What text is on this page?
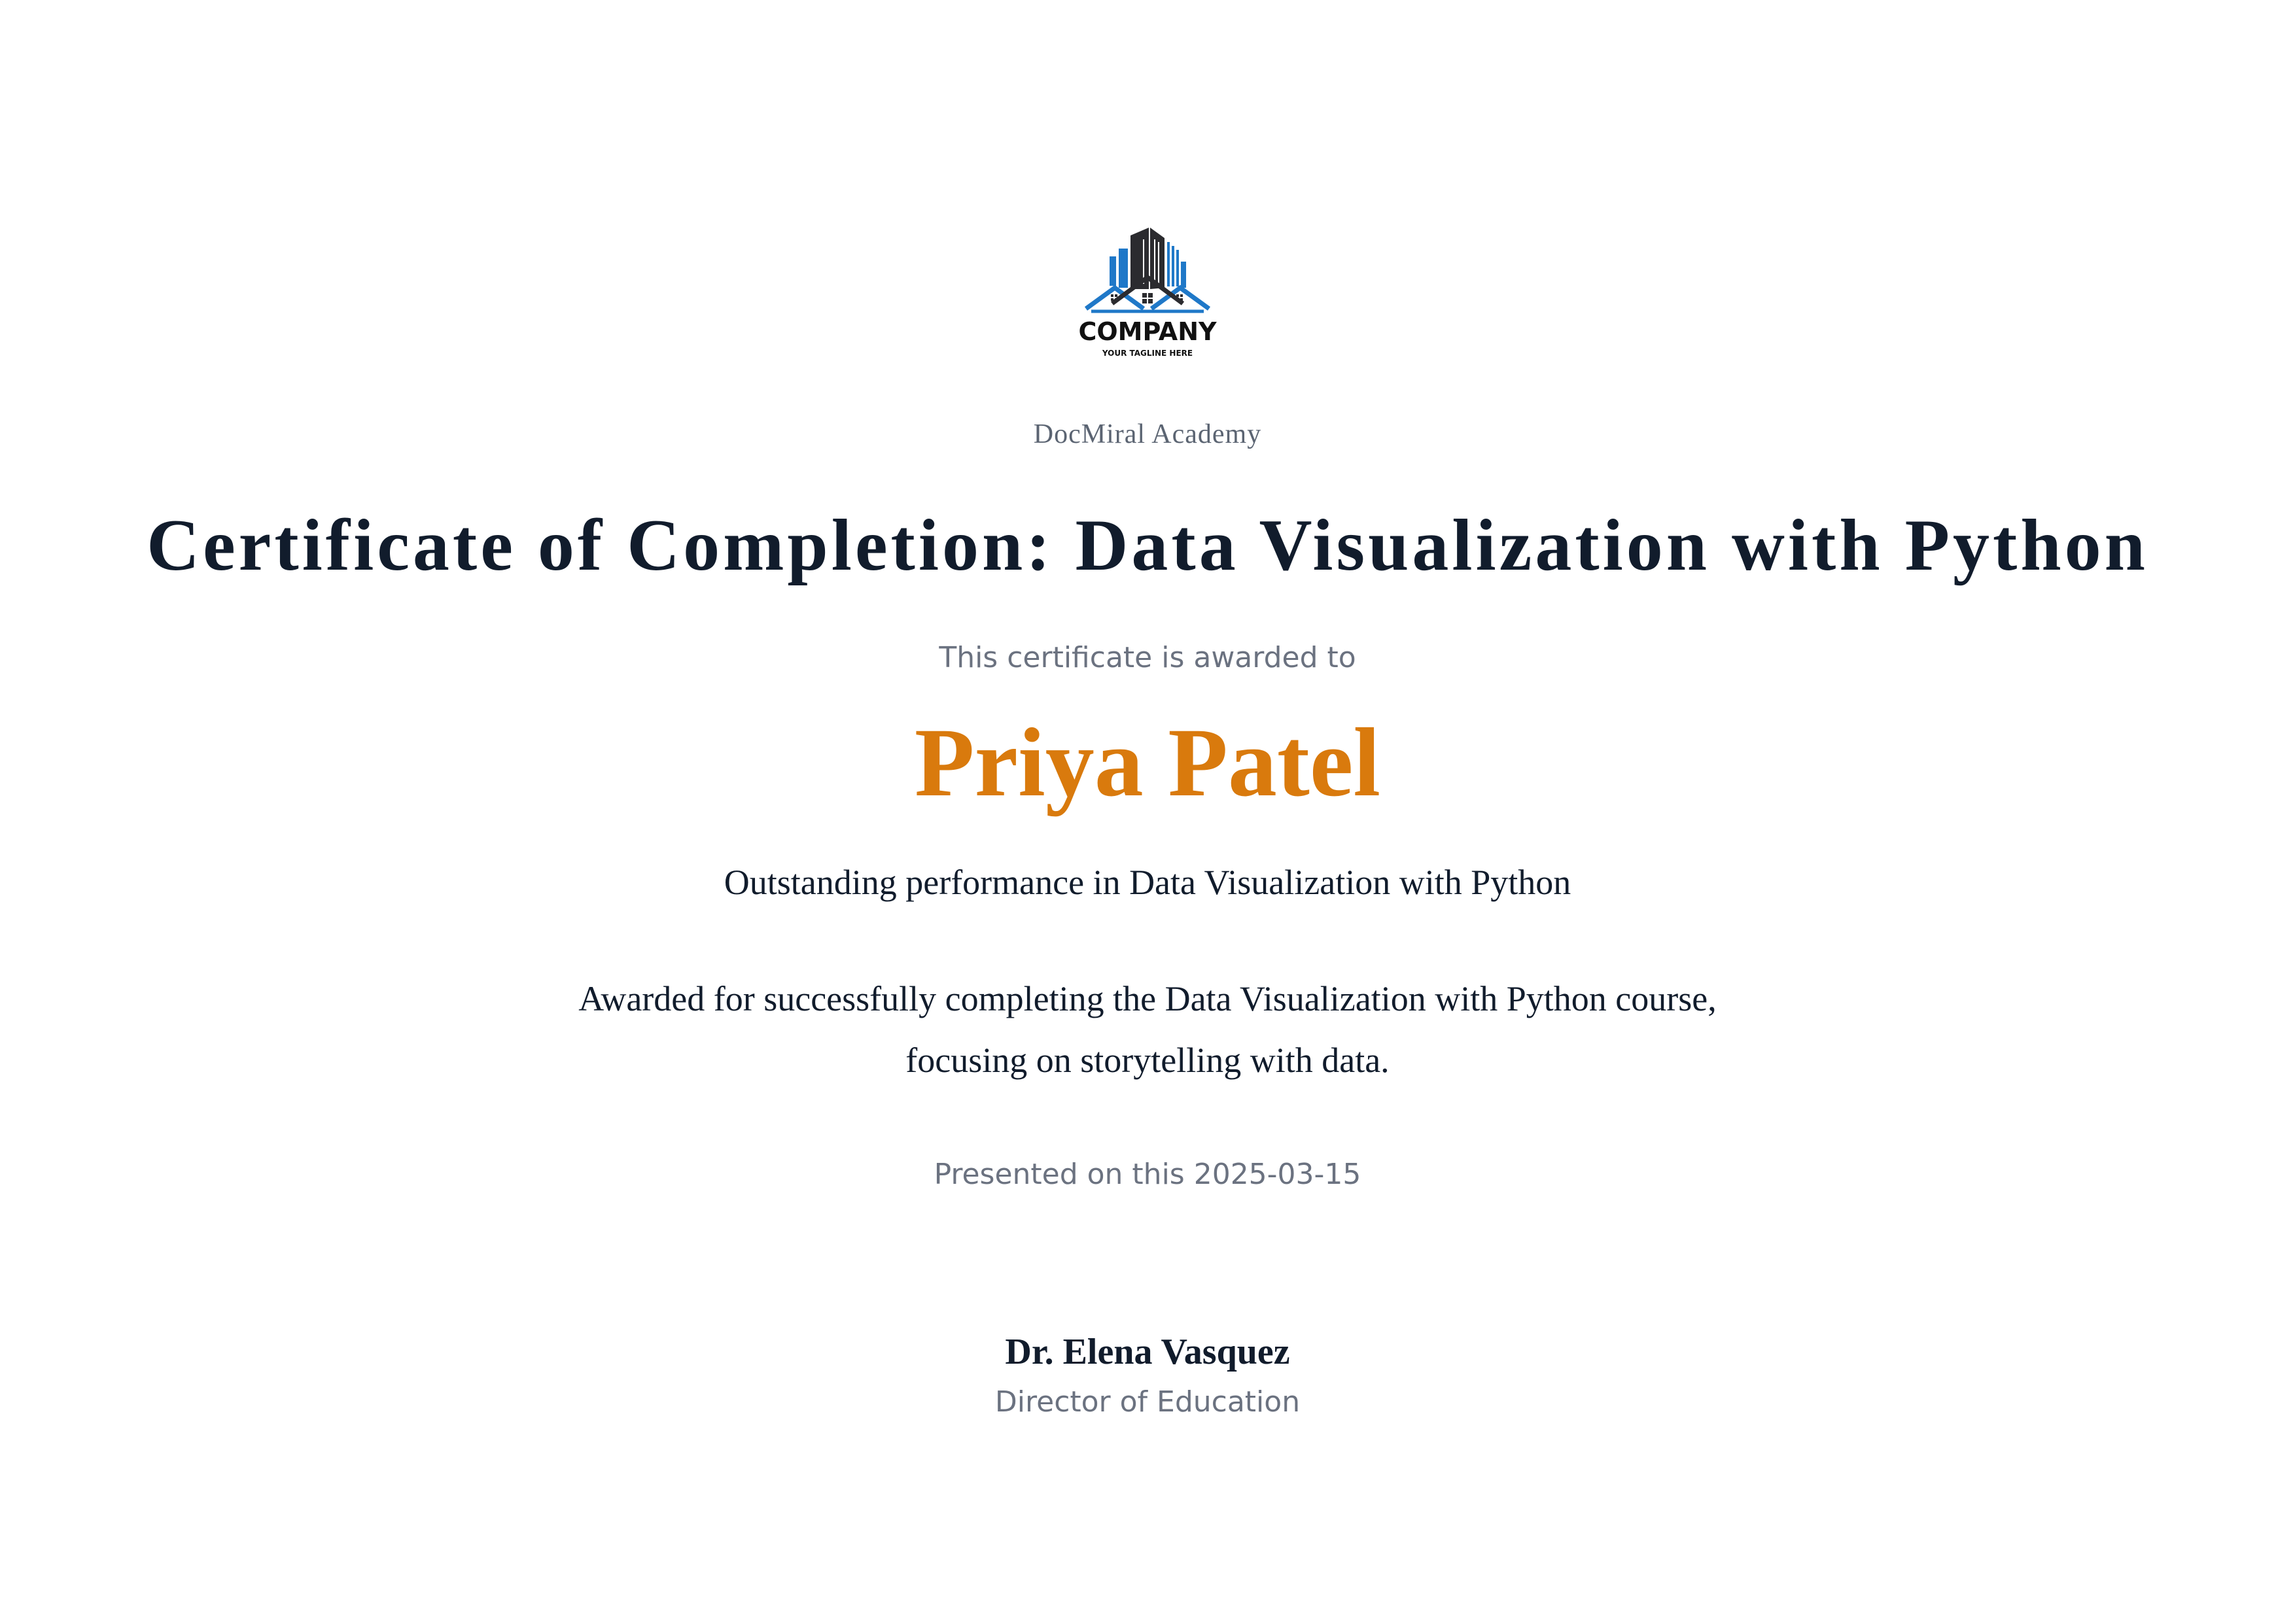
COMPANY
YOUR TAGLINE HERE
DocMiral Academy
Certificate of Completion: Data Visualization with Python
This certificate is awarded to
Priya Patel
Outstanding performance in Data Visualization with Python
Awarded for successfully completing the Data Visualization with Python course,
focusing on storytelling with data.
Presented on this 2025-03-15
Dr. Elena Vasquez
Director of Education
